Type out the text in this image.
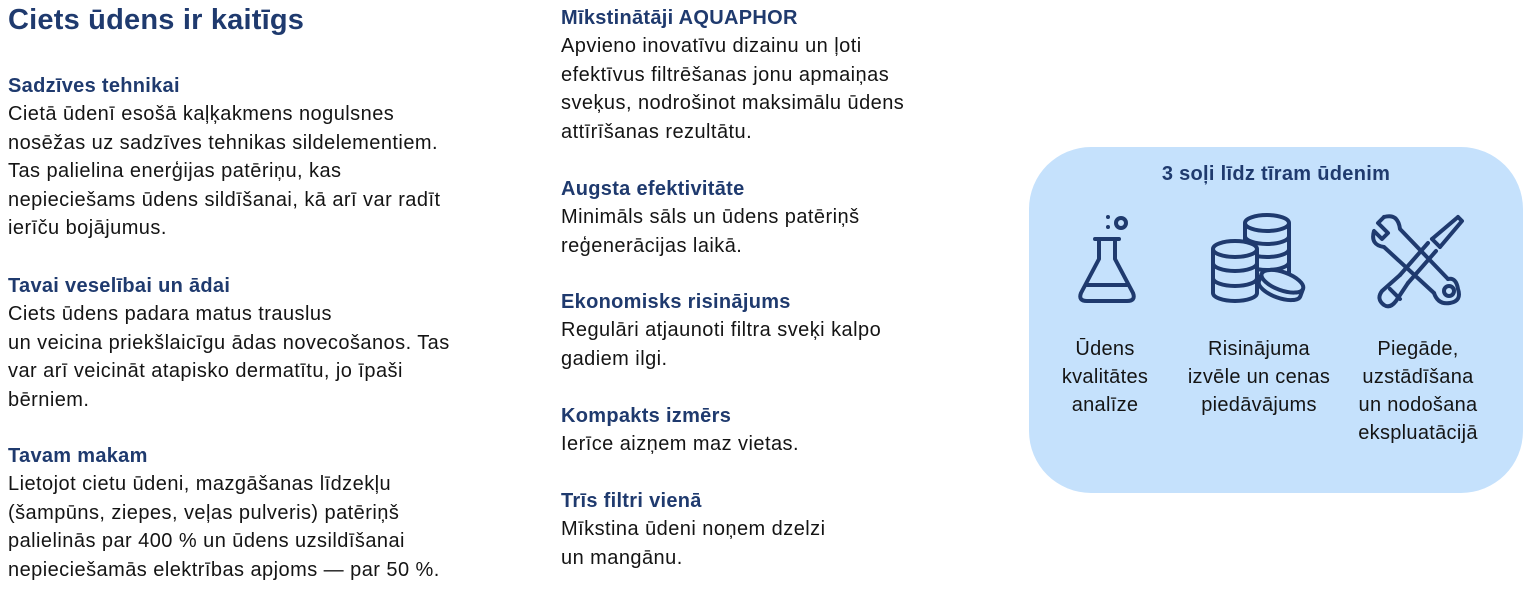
Ciets ūdens ir kaitīgs
Sadzīves tehnikai

Cietā ūdenī esošā kaļķakmens nogulsnes
nosēžas uz sadzīves tehnikas sildelementiem.
Tas palielina enerģijas patēriņu, kas
nepieciešams ūdens sildīšanai, kā arī var radīt
ierīču bojājumus.

Tavai veselībai un ādai

Ciets ūdens padara matus trauslus
un veicina priekšlaicīgu ādas novecošanos. Tas
var arī veicināt atapisko dermatītu, jo īpaši
bērniem.

Tavam makam

Lietojot cietu ūdeni, mazgāšanas līdzekļu
(šampūns, ziepes, veļas pulveris) patēriņš
palielinās par 400 % un ūdens uzsildīšanai
nepieciešamās elektrības apjoms — par 50 %.

Mīkstinātāji AQUAPHOR

Apvieno inovatīvu dizainu un ļoti
efektīvus filtrēšanas jonu apmaiņas
sveķus, nodrošinot maksimālu ūdens
attīrīšanas rezultātu.

Augsta efektivitāte

Minimāls sāls un ūdens patēriņš
reģenerācijas laikā.

Ekonomisks risinājums

Regulāri atjaunoti filtra sveķi kalpo
gadiem ilgi.

Kompakts izmērs

Ierīce aizņem maz vietas.

Trīs filtri vienā

Mīkstina ūdeni noņem dzelzi
un mangānu.

3 soļi līdz tīram ūdenim
Ūdens
kvalitātes
analīze
Risinājuma
izvēle un cenas
piedāvājums
Piegāde,
uzstādīšana
un nodošana
ekspluatācijā
